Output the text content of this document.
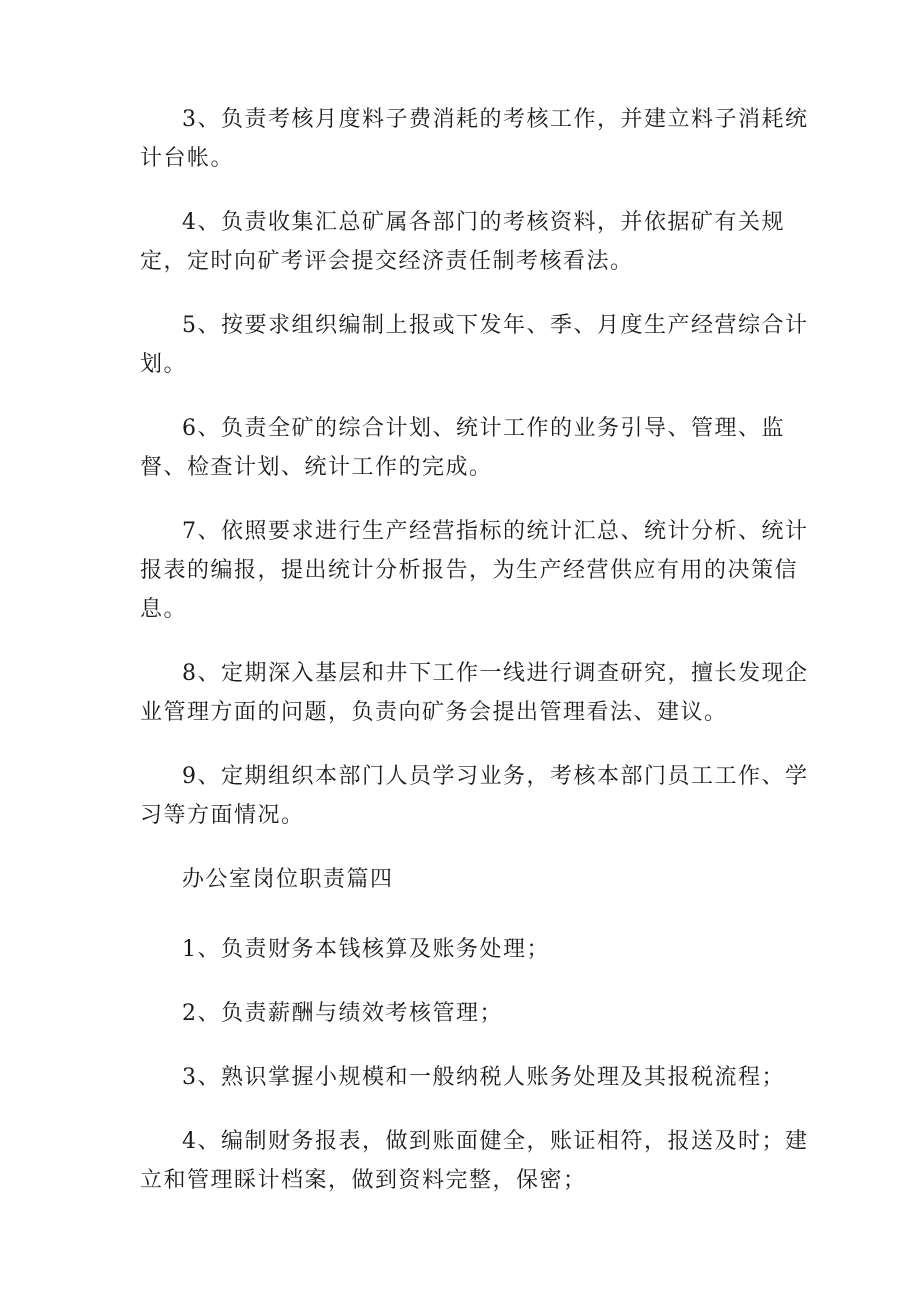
3、负责考核月度料子费消耗的考核工作，并建立料子消耗统计台帐。

4、负责收集汇总矿属各部门的考核资料，并依据矿有关规定，定时向矿考评会提交经济责任制考核看法。

5、按要求组织编制上报或下发年、季、月度生产经营综合计划。

6、负责全矿的综合计划、统计工作的业务引导、管理、监督、检查计划、统计工作的完成。

7、依照要求进行生产经营指标的统计汇总、统计分析、统计报表的编报，提出统计分析报告，为生产经营供应有用的决策信息。

8、定期深入基层和井下工作一线进行调查研究，擅长发现企业管理方面的问题，负责向矿务会提出管理看法、建议。

9、定期组织本部门人员学习业务，考核本部门员工工作、学习等方面情况。

办公室岗位职责篇四

1、负责财务本钱核算及账务处理；

2、负责薪酬与绩效考核管理；

3、熟识掌握小规模和一般纳税人账务处理及其报税流程；

4、编制财务报表，做到账面健全，账证相符，报送及时；建立和管理睬计档案，做到资料完整，保密；
